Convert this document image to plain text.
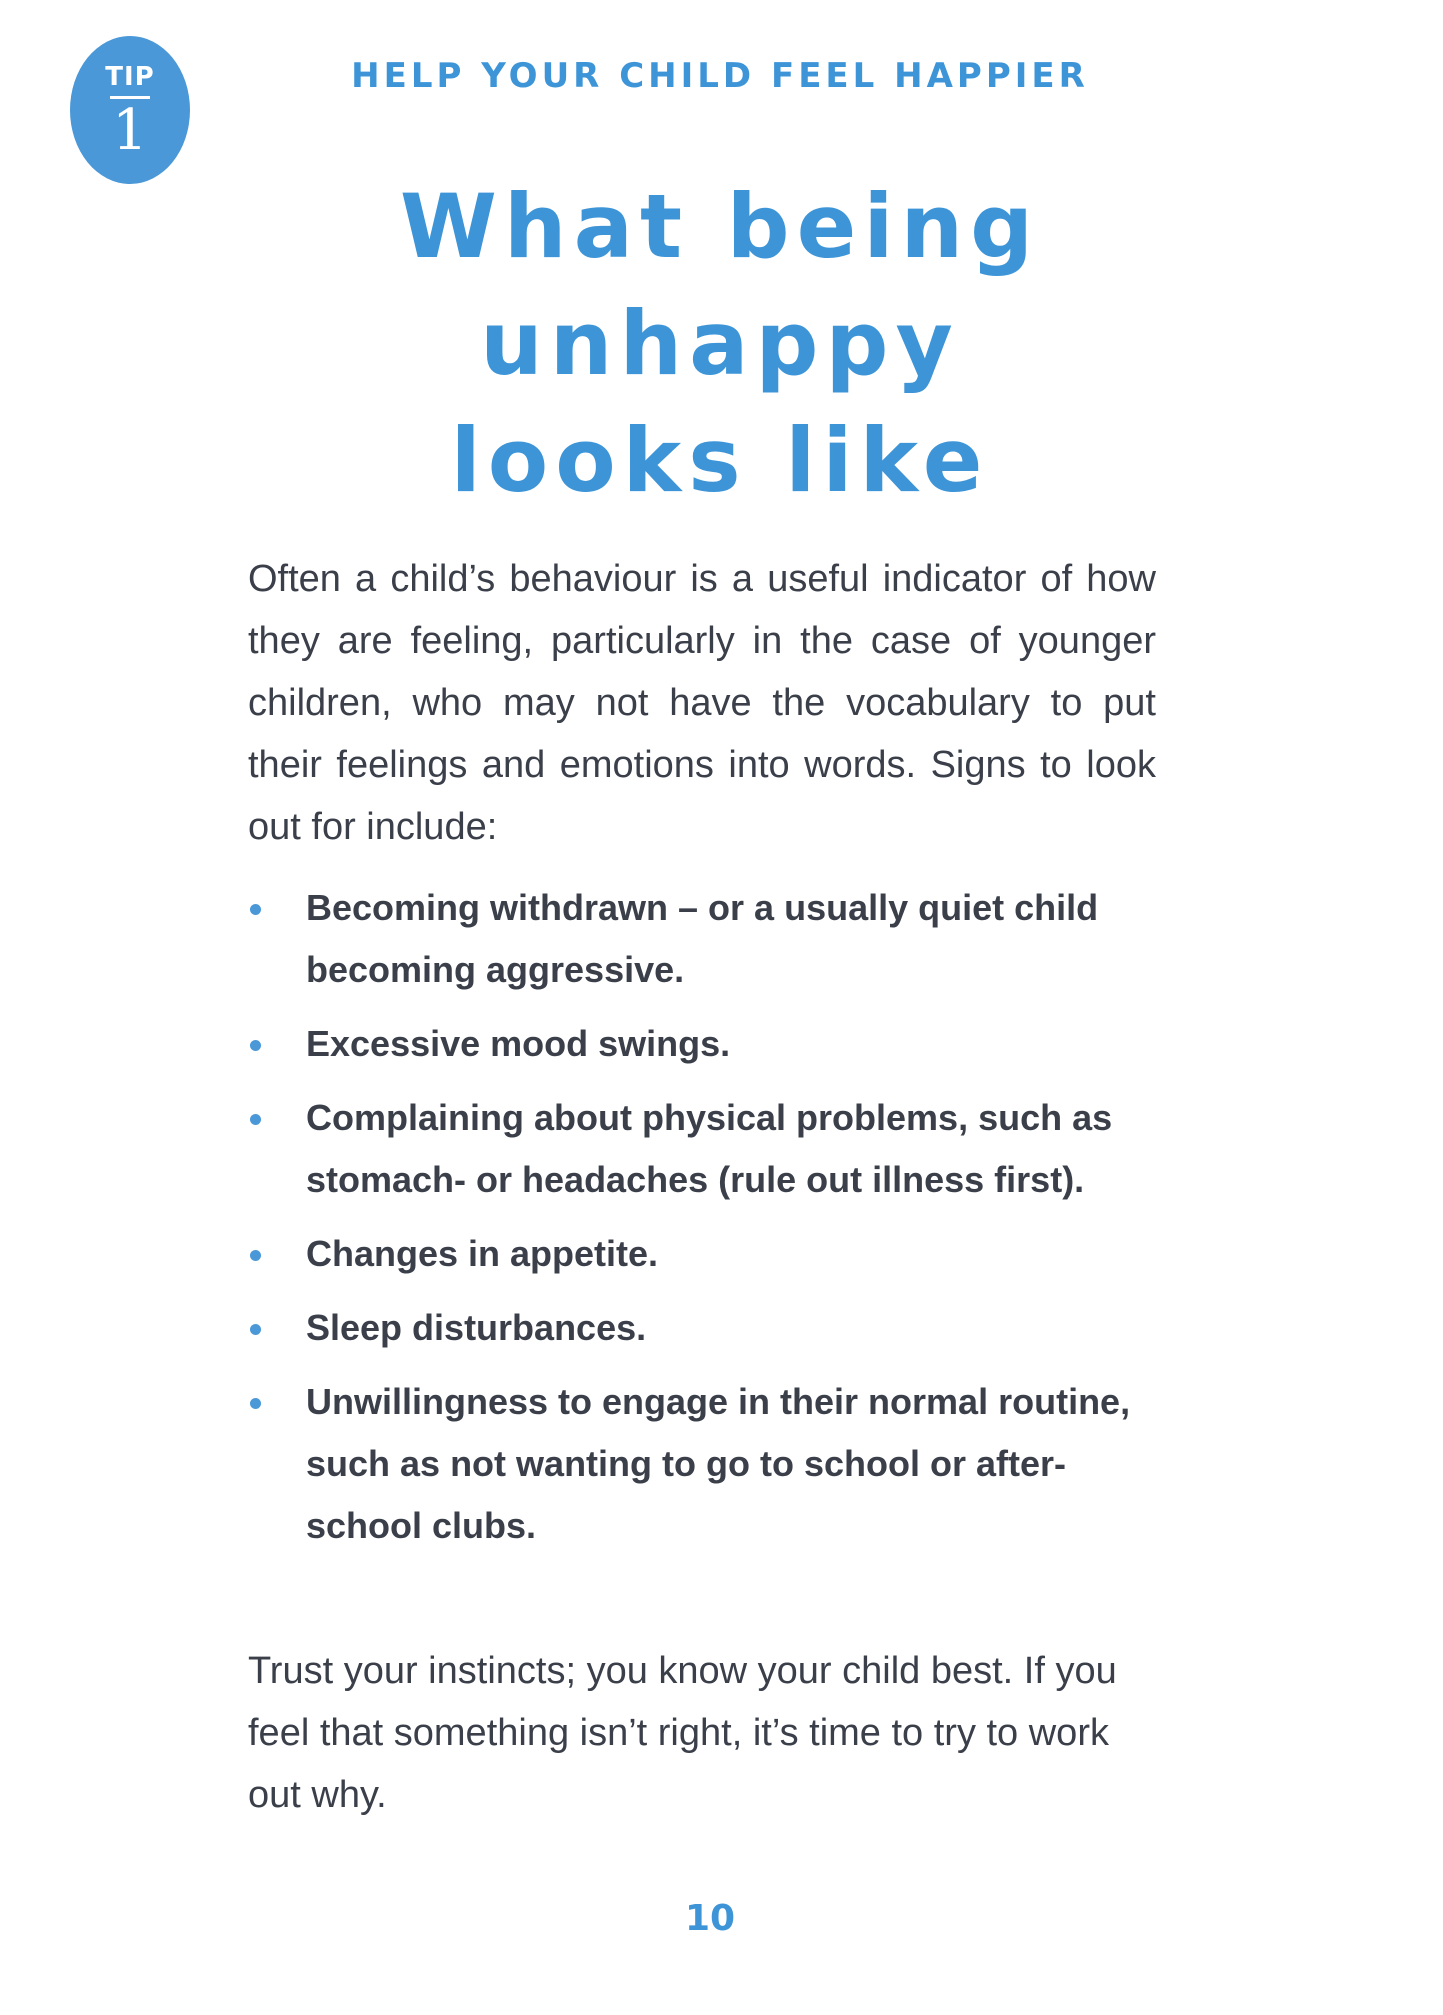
TIP
1
HELP YOUR CHILD FEEL HAPPIER
What being
unhappy
looks like

Often a child’s behaviour is a useful indicator of how they are feeling, particularly in the case of younger children, who may not have the vocabulary to put their feelings and emotions into words. Signs to look out for include:

Becoming withdrawn – or a usually quiet child becoming aggressive.
Excessive mood swings.
Complaining about physical problems, such as stomach- or headaches (rule out illness first).
Changes in appetite.
Sleep disturbances.
Unwillingness to engage in their normal routine, such as not wanting to go to school or after-school clubs.

Trust your instincts; you know your child best. If you feel that something isn’t right, it’s time to try to work out why.

10
